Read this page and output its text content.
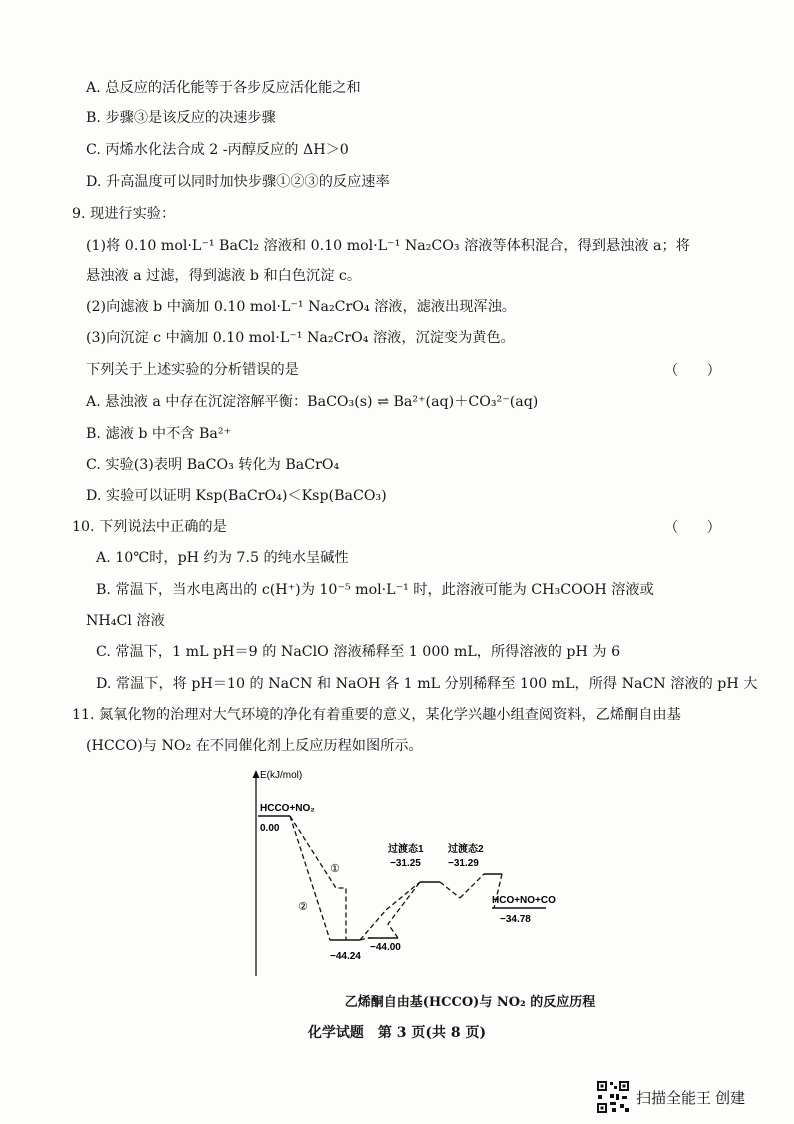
A. 总反应的活化能等于各步反应活化能之和
B. 步骤③是该反应的决速步骤
C. 丙烯水化法合成 2 -丙醇反应的 ΔH＞0
D. 升高温度可以同时加快步骤①②③的反应速率
9. 现进行实验：
(1)将 0.10 mol·L⁻¹ BaCl₂ 溶液和 0.10 mol·L⁻¹ Na₂CO₃ 溶液等体积混合，得到悬浊液 a；将
悬浊液 a 过滤，得到滤液 b 和白色沉淀 c。
(2)向滤液 b 中滴加 0.10 mol·L⁻¹ Na₂CrO₄ 溶液，滤液出现浑浊。
(3)向沉淀 c 中滴加 0.10 mol·L⁻¹ Na₂CrO₄ 溶液，沉淀变为黄色。
下列关于上述实验的分析错误的是	（　　）
A. 悬浊液 a 中存在沉淀溶解平衡：BaCO₃(s) ⇌ Ba²⁺(aq)＋CO₃²⁻(aq)
B. 滤液 b 中不含 Ba²⁺
C. 实验(3)表明 BaCO₃ 转化为 BaCrO₄
D. 实验可以证明 Ksp(BaCrO₄)＜Ksp(BaCO₃)
10. 下列说法中正确的是	（　　）
A. 10℃时，pH 约为 7.5 的纯水呈碱性
B. 常温下，当水电离出的 c(H⁺)为 10⁻⁵ mol·L⁻¹ 时，此溶液可能为 CH₃COOH 溶液或
NH₄Cl 溶液
C. 常温下，1 mL pH＝9 的 NaClO 溶液稀释至 1 000 mL，所得溶液的 pH 为 6
D. 常温下，将 pH＝10 的 NaCN 和 NaOH 各 1 mL 分别稀释至 100 mL，所得 NaCN 溶液的 pH 大
11. 氮氧化物的治理对大气环境的净化有着重要的意义，某化学兴趣小组查阅资料，乙烯酮自由基
(HCCO)与 NO₂ 在不同催化剂上反应历程如图所示。
E(kJ/mol)
HCCO+NO₂
0.00
①
②
−44.24
−44.00
过渡态1
−31.25
过渡态2
−31.29
HCO+NO+CO
−34.78
乙烯酮自由基(HCCO)与 NO₂ 的反应历程
化学试题　第 3 页(共 8 页)
扫描全能王 创建
